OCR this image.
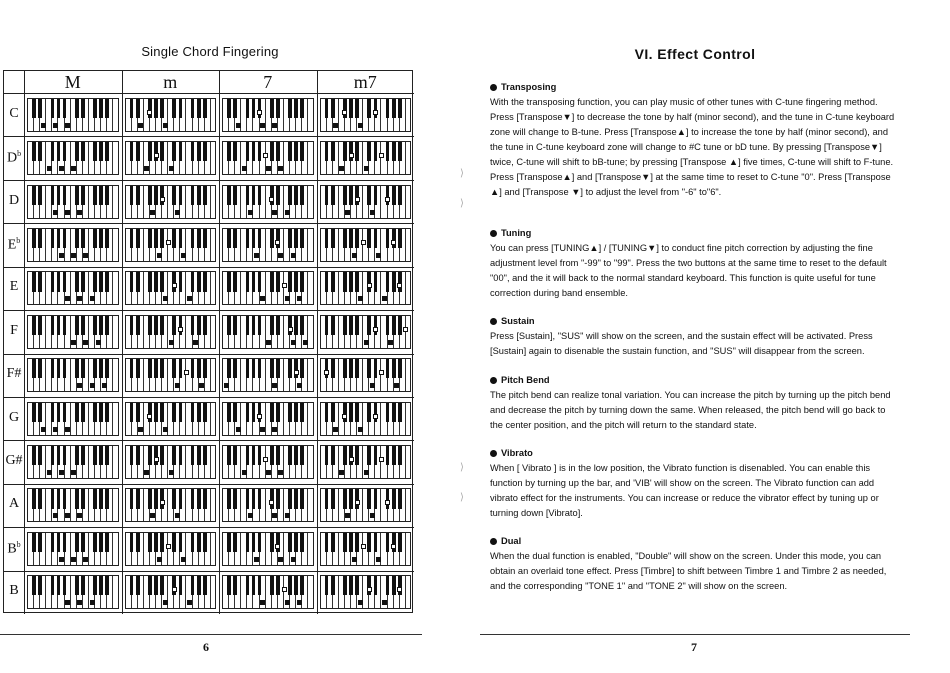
Single Chord Fingering
M	m	7	m7
C
$D^b$
D
$E^b$
E
F
F#
G
G#
A
$B^b$
B
6
VI. Effect Control
Transposing
With the transposing function, you can play music of other tunes with C-tune fingering method. Press [Transpose▼] to decrease the tone by half (minor second), and the tune in C-tune keyboard zone will change to B-tune. Press [Transpose▲] to increase the tone by half (minor second), and the tune in C-tune keyboard zone will change to #C tune or bD tune. By pressing [Transpose▼] twice, C-tune will shift to bB-tune; by pressing [Transpose ▲] five times, C-tune will shift to F-tune. Press [Transpose▲] and [Transpose▼] at the same time to reset to C-tune "0". Press [Transpose ▲] and [Transpose ▼] to adjust the level from "-6" to"6".
Tuning
You can press [TUNING▲] / [TUNING▼] to conduct fine pitch correction by adjusting the fine adjustment level from "-99" to "99". Press the two buttons at the same time to reset to the default "00", and the it will back to the normal standard keyboard. This function is quite useful for tune correction during band ensemble.
Sustain
Press [Sustain], "SUS" will show on the screen, and the sustain effect will be activated. Press [Sustain] again to disenable the sustain function, and "SUS" will disappear from the screen.
Pitch Bend
The pitch bend can realize tonal variation. You can increase the pitch by turning up the pitch bend and decrease the pitch by turning down the same. When released, the pitch bend will go back to the center position, and the pitch will return to the standard state.
Vibrato
When [ Vibrato ] is in the low position, the Vibrato function is disenabled. You can enable this function by turning up the bar, and 'VIB' will show on the screen. The Vibrato function can add vibrato effect for the instruments. You can increase or reduce the vibrator effect by tuning up or turning down [Vibrato].
Dual
When the dual function is enabled, "Double" will show on the screen. Under this mode, you can obtain an overlaid tone effect. Press [Timbre] to shift between Timbre 1 and Timbre 2 as needed, and the corresponding "TONE 1" and "TONE 2" will show on the screen.
⟩
⟩
⟩
⟩
7
